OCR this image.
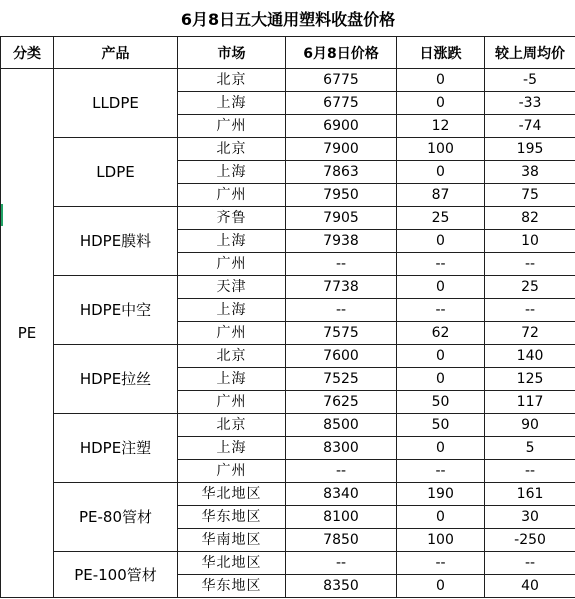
6月8日五大通用塑料收盘价格					
分类	产品	市场	6月8日价格	日涨跌	较上周均价
PE	LLDPE	北京	6775	0	-5
		上海	6775	0	-33
		广州	6900	12	-74
	LDPE	北京	7900	100	195
		上海	7863	0	38
		广州	7950	87	75
	HDPE膜料	齐鲁	7905	25	82
		上海	7938	0	10
		广州	--	--	--
	HDPE中空	天津	7738	0	25
		上海	--	--	--
		广州	7575	62	72
	HDPE拉丝	北京	7600	0	140
		上海	7525	0	125
		广州	7625	50	117
	HDPE注塑	北京	8500	50	90
		上海	8300	0	5
		广州	--	--	--
	PE-80管材	华北地区	8340	190	161
		华东地区	8100	0	30
		华南地区	7850	100	-250
	PE-100管材	华北地区	--	--	--
		华东地区	8350	0	40
